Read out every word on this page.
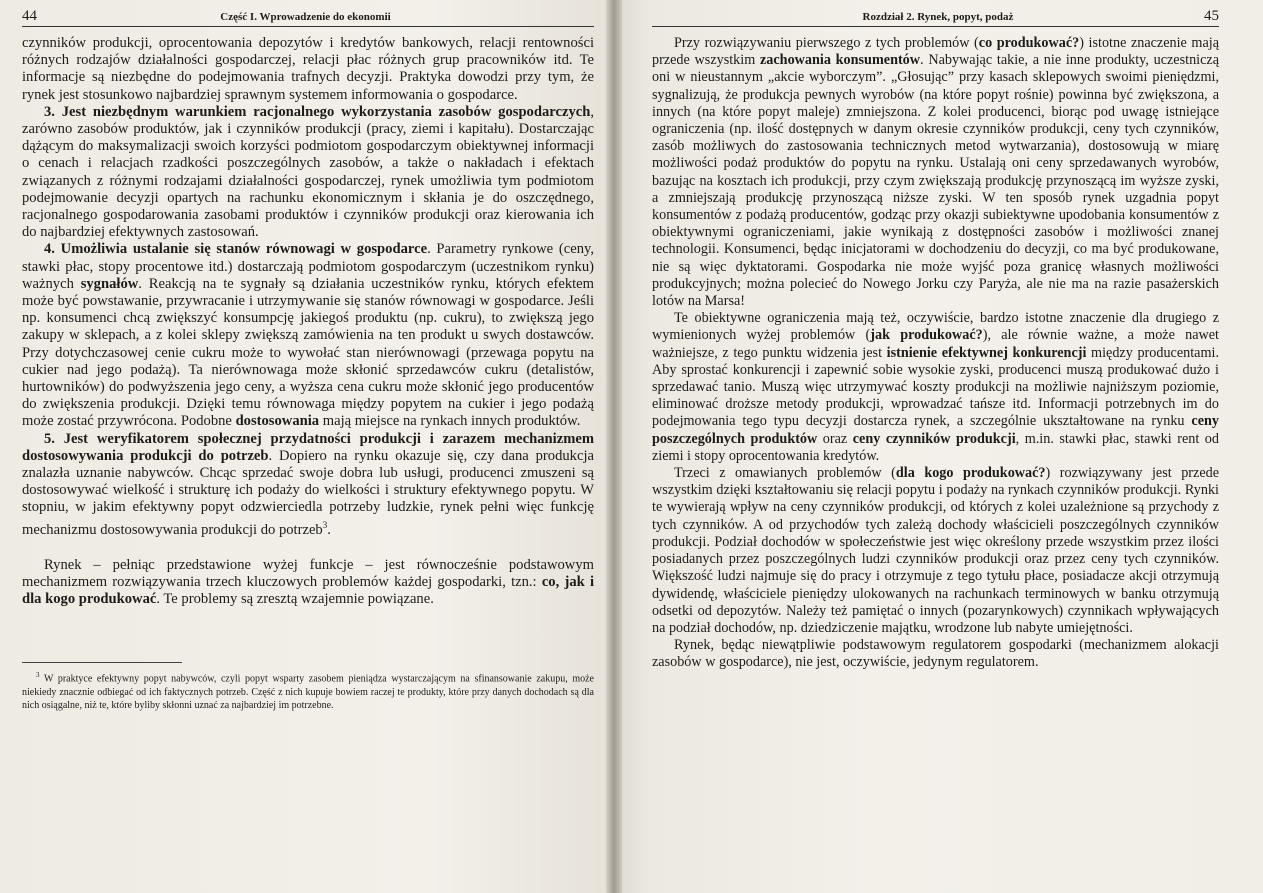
44	Część I. Wprowadzenie do ekonomii

czynników produkcji, oprocentowania depozytów i kredytów bankowych, relacji rentowności różnych rodzajów działalności gospodarczej, relacji płac różnych grup pracowników itd. Te informacje są niezbędne do podejmowania trafnych decyzji. Praktyka dowodzi przy tym, że rynek jest stosunkowo najbardziej sprawnym systemem informowania o gospodarce.

3. Jest niezbędnym warunkiem racjonalnego wykorzystania zasobów gospodarczych, zarówno zasobów produktów, jak i czynników produkcji (pracy, ziemi i kapitału). Dostarczając dążącym do maksymalizacji swoich korzyści podmiotom gospodarczym obiektywnej informacji o cenach i relacjach rzadkości poszczególnych zasobów, a także o nakładach i efektach związanych z różnymi rodzajami działalności gospodarczej, rynek umożliwia tym podmiotom podejmowanie decyzji opartych na rachunku ekonomicznym i skłania je do oszczędnego, racjonalnego gospodarowania zasobami produktów i czynników produkcji oraz kierowania ich do najbardziej efektywnych zastosowań.

4. Umożliwia ustalanie się stanów równowagi w gospodarce. Parametry rynkowe (ceny, stawki płac, stopy procentowe itd.) dostarczają podmiotom gospodarczym (uczestnikom rynku) ważnych sygnałów. Reakcją na te sygnały są działania uczestników rynku, których efektem może być powstawanie, przywracanie i utrzymywanie się stanów równowagi w gospodarce. Jeśli np. konsumenci chcą zwiększyć konsumpcję jakiegoś produktu (np. cukru), to zwiększą jego zakupy w sklepach, a z kolei sklepy zwiększą zamówienia na ten produkt u swych dostawców. Przy dotychczasowej cenie cukru może to wywołać stan nierównowagi (przewaga popytu na cukier nad jego podażą). Ta nierównowaga może skłonić sprzedawców cukru (detalistów, hurtowników) do podwyższenia jego ceny, a wyższa cena cukru może skłonić jego producentów do zwiększenia produkcji. Dzięki temu równowaga między popytem na cukier i jego podażą może zostać przywrócona. Podobne dostosowania mają miejsce na rynkach innych produktów.

5. Jest weryfikatorem społecznej przydatności produkcji i zarazem mechanizmem dostosowywania produkcji do potrzeb. Dopiero na rynku okazuje się, czy dana produkcja znalazła uznanie nabywców. Chcąc sprzedać swoje dobra lub usługi, producenci zmuszeni są dostosowywać wielkość i strukturę ich podaży do wielkości i struktury efektywnego popytu. W stopniu, w jakim efektywny popyt odzwierciedla potrzeby ludzkie, rynek pełni więc funkcję mechanizmu dostosowywania produkcji do potrzeb$^3$.

Rynek – pełniąc przedstawione wyżej funkcje – jest równocześnie podstawowym mechanizmem rozwiązywania trzech kluczowych problemów każdej gospodarki, tzn.: co, jak i dla kogo produkować. Te problemy są zresztą wzajemnie powiązane.

$^3$ W praktyce efektywny popyt nabywców, czyli popyt wsparty zasobem pieniądza wystarczającym na sfinansowanie zakupu, może niekiedy znacznie odbiegać od ich faktycznych potrzeb. Część z nich kupuje bowiem raczej te produkty, które przy danych dochodach są dla nich osiągalne, niż te, które byliby skłonni uznać za najbardziej im potrzebne.
Rozdział 2. Rynek, popyt, podaż	45

Przy rozwiązywaniu pierwszego z tych problemów (co produkować?) istotne znaczenie mają przede wszystkim zachowania konsumentów. Nabywając takie, a nie inne produkty, uczestniczą oni w nieustannym „akcie wyborczym”. „Głosując” przy kasach sklepowych swoimi pieniędzmi, sygnalizują, że produkcja pewnych wyrobów (na które popyt rośnie) powinna być zwiększona, a innych (na które popyt maleje) zmniejszona. Z kolei producenci, biorąc pod uwagę istniejące ograniczenia (np. ilość dostępnych w danym okresie czynników produkcji, ceny tych czynników, zasób możliwych do zastosowania technicznych metod wytwarzania), dostosowują w miarę możliwości podaż produktów do popytu na rynku. Ustalają oni ceny sprzedawanych wyrobów, bazując na kosztach ich produkcji, przy czym zwiększają produkcję przynoszącą im wyższe zyski, a zmniejszają produkcję przynoszącą niższe zyski. W ten sposób rynek uzgadnia popyt konsumentów z podażą producentów, godząc przy okazji subiektywne upodobania konsumentów z obiektywnymi ograniczeniami, jakie wynikają z dostępności zasobów i możliwości znanej technologii. Konsumenci, będąc inicjatorami w dochodzeniu do decyzji, co ma być produkowane, nie są więc dyktatorami. Gospodarka nie może wyjść poza granicę własnych możliwości produkcyjnych; można polecieć do Nowego Jorku czy Paryża, ale nie ma na razie pasażerskich lotów na Marsa!

Te obiektywne ograniczenia mają też, oczywiście, bardzo istotne znaczenie dla drugiego z wymienionych wyżej problemów (jak produkować?), ale równie ważne, a może nawet ważniejsze, z tego punktu widzenia jest istnienie efektywnej konkurencji między producentami. Aby sprostać konkurencji i zapewnić sobie wysokie zyski, producenci muszą produkować dużo i sprzedawać tanio. Muszą więc utrzymywać koszty produkcji na możliwie najniższym poziomie, eliminować droższe metody produkcji, wprowadzać tańsze itd. Informacji potrzebnych im do podejmowania tego typu decyzji dostarcza rynek, a szczególnie ukształtowane na rynku ceny poszczególnych produktów oraz ceny czynników produkcji, m.in. stawki płac, stawki rent od ziemi i stopy oprocentowania kredytów.

Trzeci z omawianych problemów (dla kogo produkować?) rozwiązywany jest przede wszystkim dzięki kształtowaniu się relacji popytu i podaży na rynkach czynników produkcji. Rynki te wywierają wpływ na ceny czynników produkcji, od których z kolei uzależnione są przychody z tych czynników. A od przychodów tych zależą dochody właścicieli poszczególnych czynników produkcji. Podział dochodów w społeczeństwie jest więc określony przede wszystkim przez ilości posiadanych przez poszczególnych ludzi czynników produkcji oraz przez ceny tych czynników. Większość ludzi najmuje się do pracy i otrzymuje z tego tytułu płace, posiadacze akcji otrzymują dywidendę, właściciele pieniędzy ulokowanych na rachunkach terminowych w banku otrzymują odsetki od depozytów. Należy też pamiętać o innych (pozarynkowych) czynnikach wpływających na podział dochodów, np. dziedziczenie majątku, wrodzone lub nabyte umiejętności.

Rynek, będąc niewątpliwie podstawowym regulatorem gospodarki (mechanizmem alokacji zasobów w gospodarce), nie jest, oczywiście, jedynym regulatorem.
